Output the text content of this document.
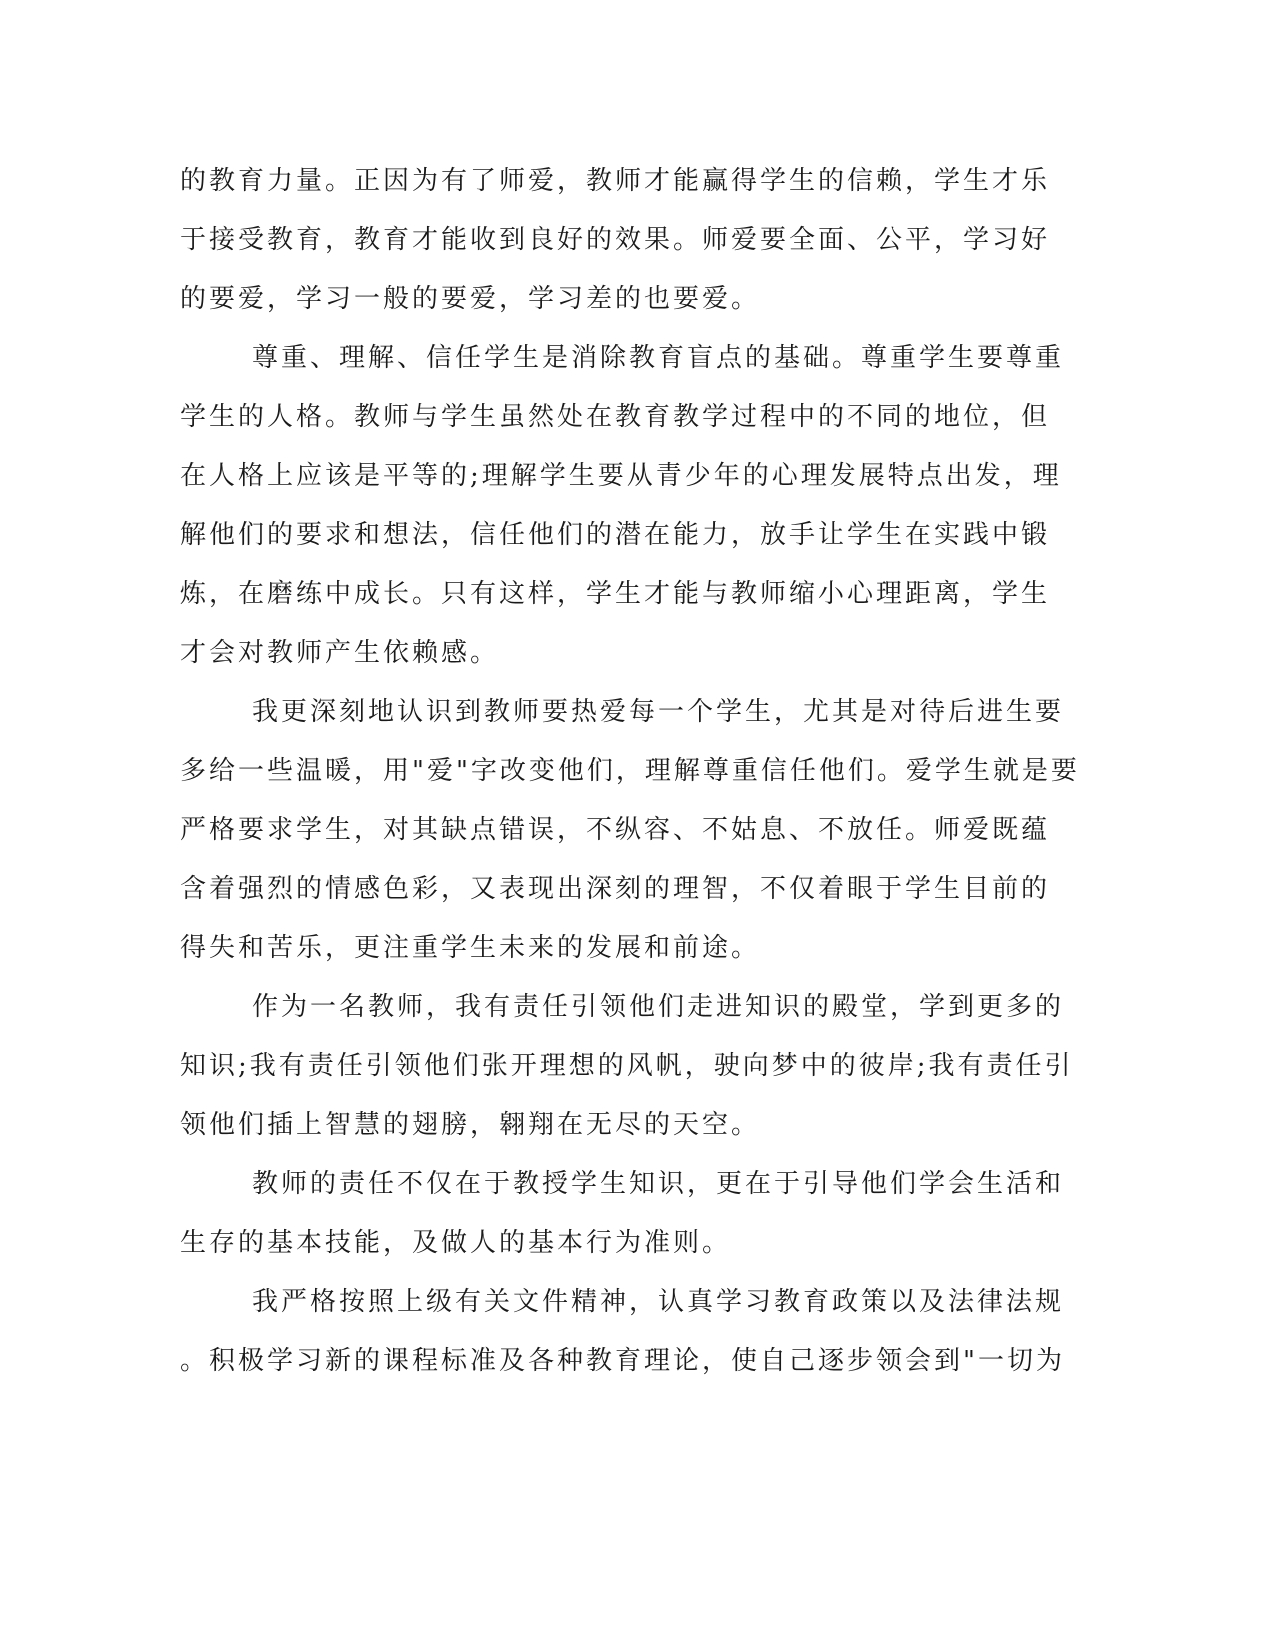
的教育力量。正因为有了师爱，教师才能赢得学生的信赖，学生才乐
于接受教育，教育才能收到良好的效果。师爱要全面、公平，学习好
的要爱，学习一般的要爱，学习差的也要爱。
尊重、理解、信任学生是消除教育盲点的基础。尊重学生要尊重
学生的人格。教师与学生虽然处在教育教学过程中的不同的地位，但
在人格上应该是平等的;理解学生要从青少年的心理发展特点出发，理
解他们的要求和想法，信任他们的潜在能力，放手让学生在实践中锻
炼，在磨练中成长。只有这样，学生才能与教师缩小心理距离，学生
才会对教师产生依赖感。
我更深刻地认识到教师要热爱每一个学生，尤其是对待后进生要
多给一些温暖，用"爱"字改变他们，理解尊重信任他们。爱学生就是要
严格要求学生，对其缺点错误，不纵容、不姑息、不放任。师爱既蕴
含着强烈的情感色彩，又表现出深刻的理智，不仅着眼于学生目前的
得失和苦乐，更注重学生未来的发展和前途。
作为一名教师，我有责任引领他们走进知识的殿堂，学到更多的
知识;我有责任引领他们张开理想的风帆，驶向梦中的彼岸;我有责任引
领他们插上智慧的翅膀，翱翔在无尽的天空。
教师的责任不仅在于教授学生知识，更在于引导他们学会生活和
生存的基本技能，及做人的基本行为准则。
我严格按照上级有关文件精神，认真学习教育政策以及法律法规
。积极学习新的课程标准及各种教育理论，使自己逐步领会到"一切为
